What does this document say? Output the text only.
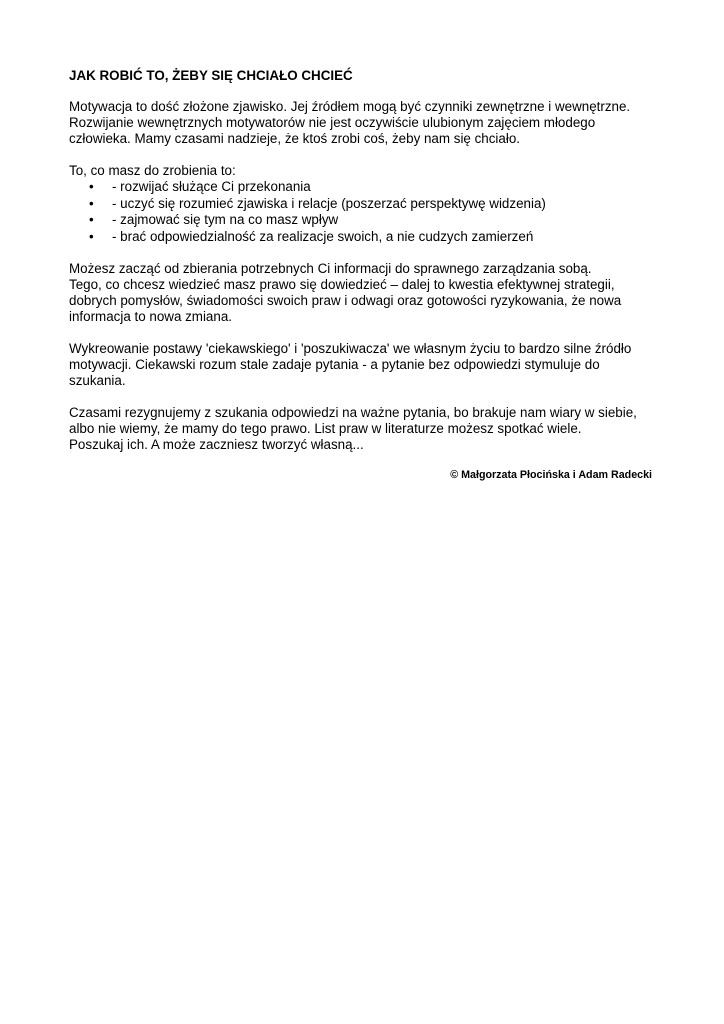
JAK ROBIĆ TO, ŻEBY SIĘ CHCIAŁO CHCIEĆ

Motywacja to dość złożone zjawisko. Jej źródłem mogą być czynniki zewnętrzne i wewnętrzne.
Rozwijanie wewnętrznych motywatorów nie jest oczywiście ulubionym zajęciem młodego
człowieka. Mamy czasami nadzieje, że ktoś zrobi coś, żeby nam się chciało.

To, co masz do zrobienia to:

• - rozwijać służące Ci przekonania
• - uczyć się rozumieć zjawiska i relacje (poszerzać perspektywę widzenia)
• - zajmować się tym na co masz wpływ
• - brać odpowiedzialność za realizacje swoich, a nie cudzych zamierzeń

Możesz zacząć od zbierania potrzebnych Ci informacji do sprawnego zarządzania sobą.
Tego, co chcesz wiedzieć masz prawo się dowiedzieć – dalej to kwestia efektywnej strategii,
dobrych pomysłów, świadomości swoich praw i odwagi oraz gotowości ryzykowania, że nowa
informacja to nowa zmiana.

Wykreowanie postawy 'ciekawskiego' i 'poszukiwacza' we własnym życiu to bardzo silne źródło
motywacji. Ciekawski rozum stale zadaje pytania - a pytanie bez odpowiedzi stymuluje do
szukania.

Czasami rezygnujemy z szukania odpowiedzi na ważne pytania, bo brakuje nam wiary w siebie,
albo nie wiemy, że mamy do tego prawo. List praw w literaturze możesz spotkać wiele.
Poszukaj ich. A może zaczniesz tworzyć własną...

© Małgorzata Płocińska i Adam Radecki
